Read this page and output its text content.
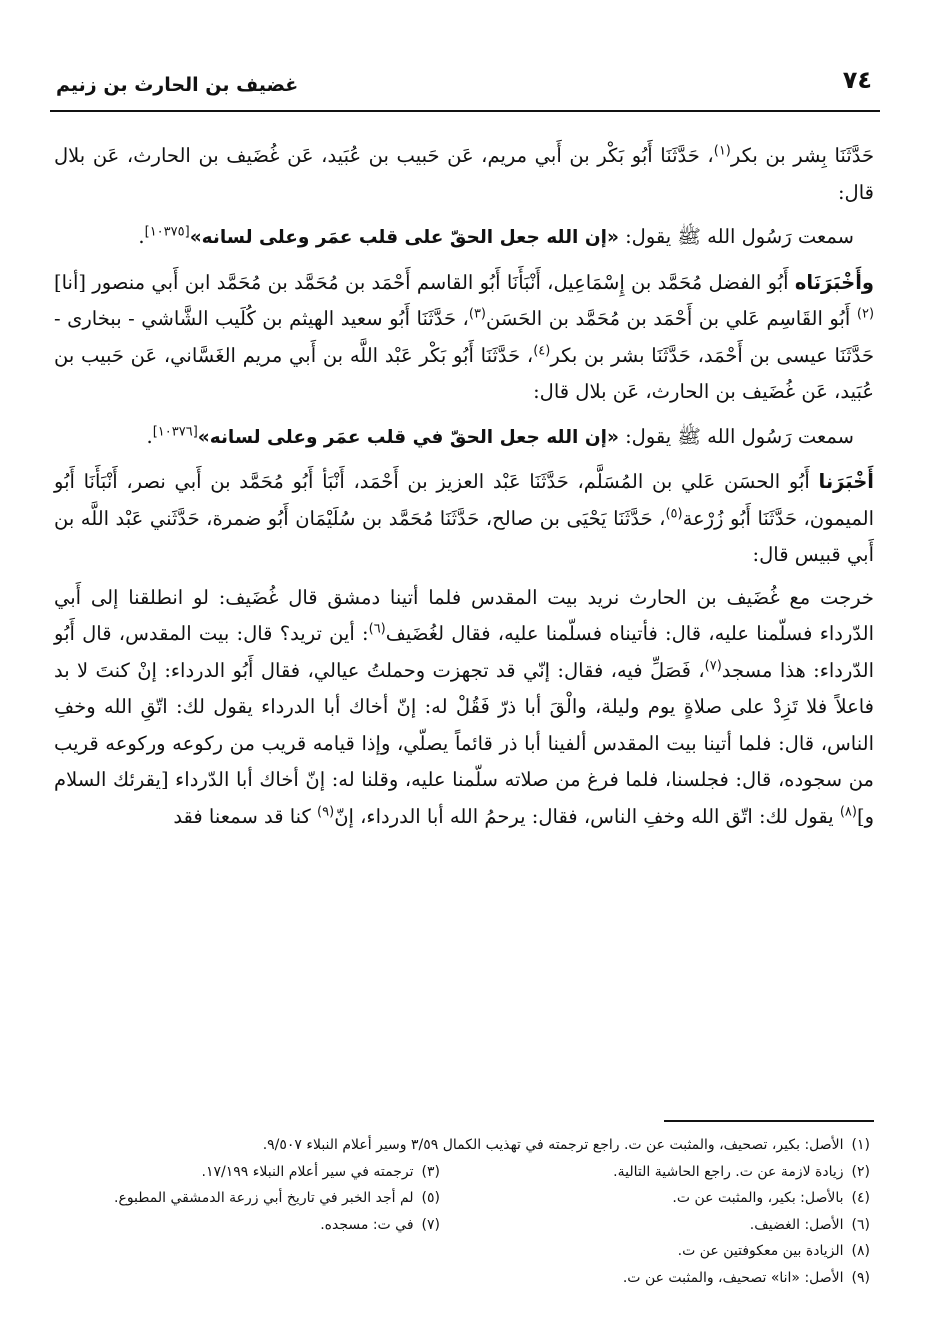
٧٤
غضيف بن الحارث بن زنيم

حَدَّثَنَا بِشر بن بكر$^{(١)}$، حَدَّثَنَا أَبُو بَكْر بن أَبي مريم، عَن حَبيب بن عُبَيد، عَن غُضَيف بن الحارث، عَن بلال قال:

سمعت رَسُول الله ﷺ يقول: «إن الله جعل الحقّ على قلب عمَر وعلى لسانه»[١٠٣٧٥].

وأَخْبَرَنَاه أَبُو الفضل مُحَمَّد بن إِسْمَاعِيل، أَنْبَأَنَا أَبُو القاسم أَحْمَد بن مُحَمَّد بن مُحَمَّد ابن أَبي منصور [أنا]$^{(٢)}$ أَبُو القَاسِم عَلي بن أَحْمَد بن مُحَمَّد بن الحَسَن$^{(٣)}$، حَدَّثَنَا أَبُو سعيد الهيثم بن كُلَيب الشَّاشي - ببخارى - حَدَّثَنَا عيسى بن أَحْمَد، حَدَّثَنَا بشر بن بكر$^{(٤)}$، حَدَّثَنَا أَبُو بَكْر عَبْد اللَّه بن أَبي مريم الغَسَّاني، عَن حَبيب بن عُبَيد، عَن غُضَيف بن الحارث، عَن بلال قال:

سمعت رَسُول الله ﷺ يقول: «إن الله جعل الحقّ في قلب عمَر وعلى لسانه»[١٠٣٧٦].

أَخْبَرَنا أَبُو الحسَن عَلي بن المُسَلَّم، حَدَّثَنَا عَبْد العزيز بن أَحْمَد، أَنْبَأ أَبُو مُحَمَّد بن أَبي نصر، أَنْبَأَنَا أَبُو الميمون، حَدَّثَنَا أَبُو زُرْعة$^{(٥)}$، حَدَّثَنَا يَحْيَى بن صالح، حَدَّثَنَا مُحَمَّد بن سُلَيْمَان أَبُو ضمرة، حَدَّثَني عَبْد اللَّه بن أَبي قبيس قال:

خرجت مع غُضَيف بن الحارث نريد بيت المقدس فلما أتينا دمشق قال غُضَيف: لو انطلقنا إلى أَبي الدّرداء فسلّمنا عليه، قال: فأتيناه فسلّمنا عليه، فقال لغُضَيف$^{(٦)}$: أين تريد؟ قال: بيت المقدس، قال أَبُو الدّرداء: هذا مسجد$^{(٧)}$، فَصَلِّ فيه، فقال: إنّي قد تجهزت وحملتُ عيالي، فقال أَبُو الدرداء: إنْ كنتَ لا بد فاعلاً فلا تَزِدْ على صلاةٍ يوم وليلة، والْقَ أبا ذرّ فَقُلْ له: إنّ أخاك أبا الدرداء يقول لك: اتّقِ الله وخفِ الناس، قال: فلما أتينا بيت المقدس ألفينا أبا ذر قائماً يصلّي، وإذا قيامه قريب من ركوعه وركوعه قريب من سجوده، قال: فجلسنا، فلما فرغ من صلاته سلّمنا عليه، وقلنا له: إنّ أخاك أبا الدّرداء [يقرئك السلام و]$^{(٨)}$ يقول لك: اتّق الله وخفِ الناس، فقال: يرحمُ الله أبا الدرداء، إنّ$^{(٩)}$ كنا قد سمعنا فقد

(١)الأصل: بكير، تصحيف، والمثبت عن ت. راجع ترجمته في تهذيب الكمال ٣/٥٩ وسير أعلام النبلاء ٩/٥٠٧.
(٢)زيادة لازمة عن ت. راجع الحاشية التالية.
(٣)ترجمته في سير أعلام النبلاء ١٧/١٩٩.
(٤)بالأصل: بكير، والمثبت عن ت.
(٥)لم أجد الخبر في تاريخ أبي زرعة الدمشقي المطبوع.
(٦)الأصل: الغضيف.
(٧)في ت: مسجده.
(٨)الزيادة بين معكوفتين عن ت.
(٩)الأصل: «انا» تصحيف، والمثبت عن ت.
